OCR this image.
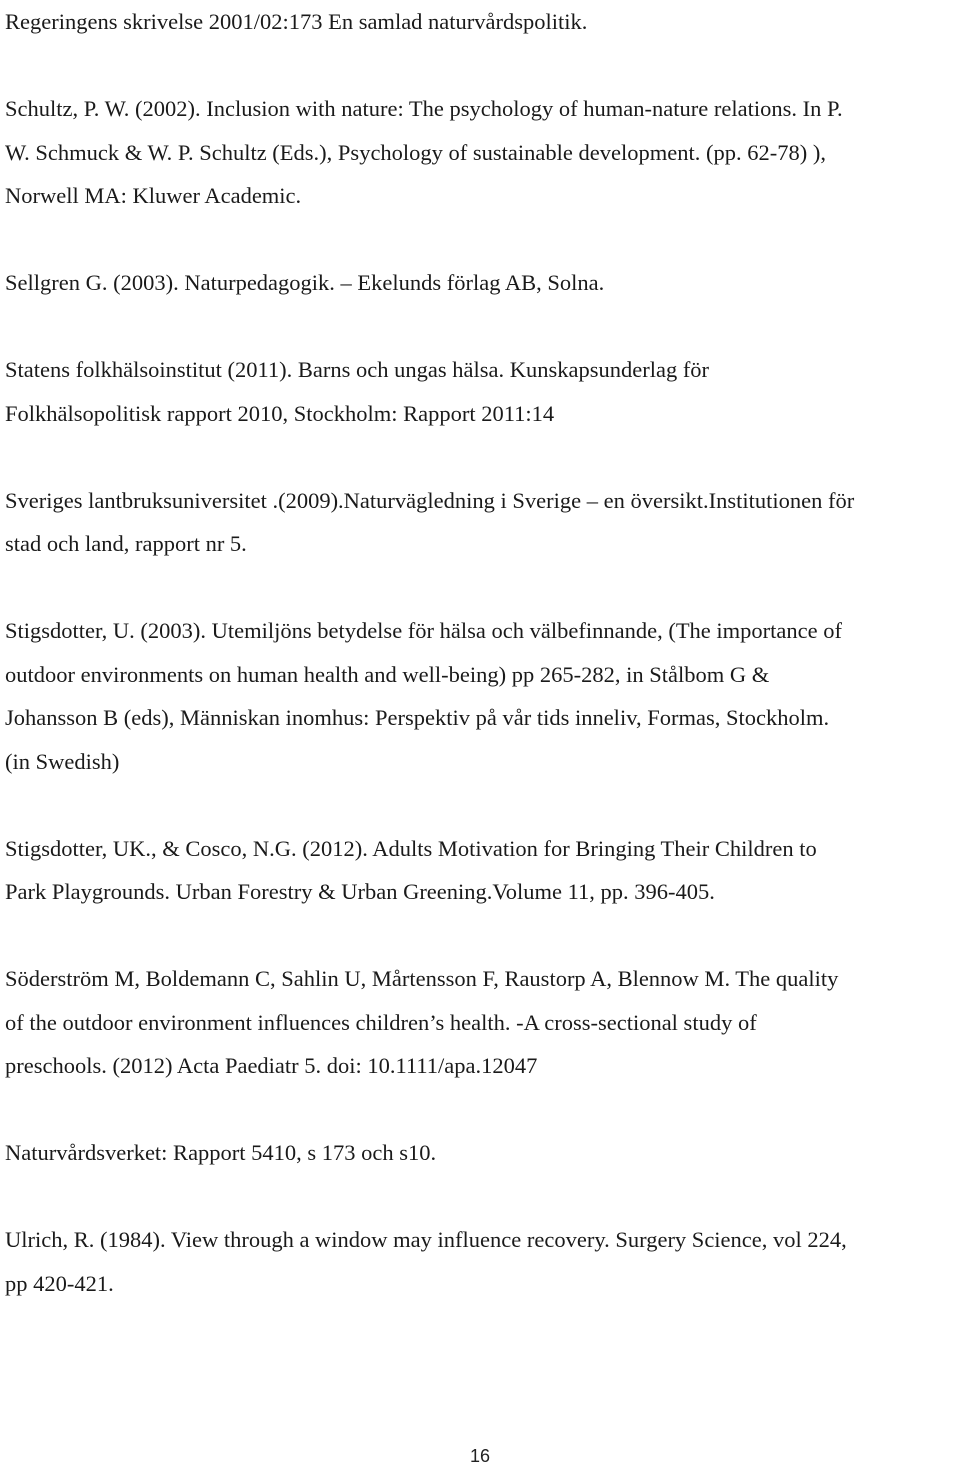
Regeringens skrivelse 2001/02:173 En samlad naturvårdspolitik.
Schultz, P. W. (2002). Inclusion with nature: The psychology of human-nature relations. In P.
W. Schmuck & W. P. Schultz (Eds.), Psychology of sustainable development. (pp. 62-78) ),
Norwell MA: Kluwer Academic.
Sellgren G. (2003). Naturpedagogik. – Ekelunds förlag AB, Solna.
Statens folkhälsoinstitut (2011). Barns och ungas hälsa. Kunskapsunderlag för
Folkhälsopolitisk rapport 2010, Stockholm: Rapport 2011:14
Sveriges lantbruksuniversitet .(2009).Naturvägledning i Sverige – en översikt.Institutionen för
stad och land, rapport nr 5.
Stigsdotter, U. (2003). Utemiljöns betydelse för hälsa och välbefinnande, (The importance of
outdoor environments on human health and well-being) pp 265-282, in Stålbom G &
Johansson B (eds), Människan inomhus: Perspektiv på vår tids inneliv, Formas, Stockholm.
(in Swedish)
Stigsdotter, UK., & Cosco, N.G. (2012). Adults Motivation for Bringing Their Children to
Park Playgrounds. Urban Forestry & Urban Greening.Volume 11, pp. 396-405.
Söderström M, Boldemann C, Sahlin U, Mårtensson F, Raustorp A, Blennow M. The quality
of the outdoor environment influences children’s health. -A cross-sectional study of
preschools. (2012) Acta Paediatr 5. doi: 10.1111/apa.12047
Naturvårdsverket: Rapport 5410, s 173 och s10.
Ulrich, R. (1984). View through a window may influence recovery. Surgery Science, vol 224,
pp 420-421.
16
